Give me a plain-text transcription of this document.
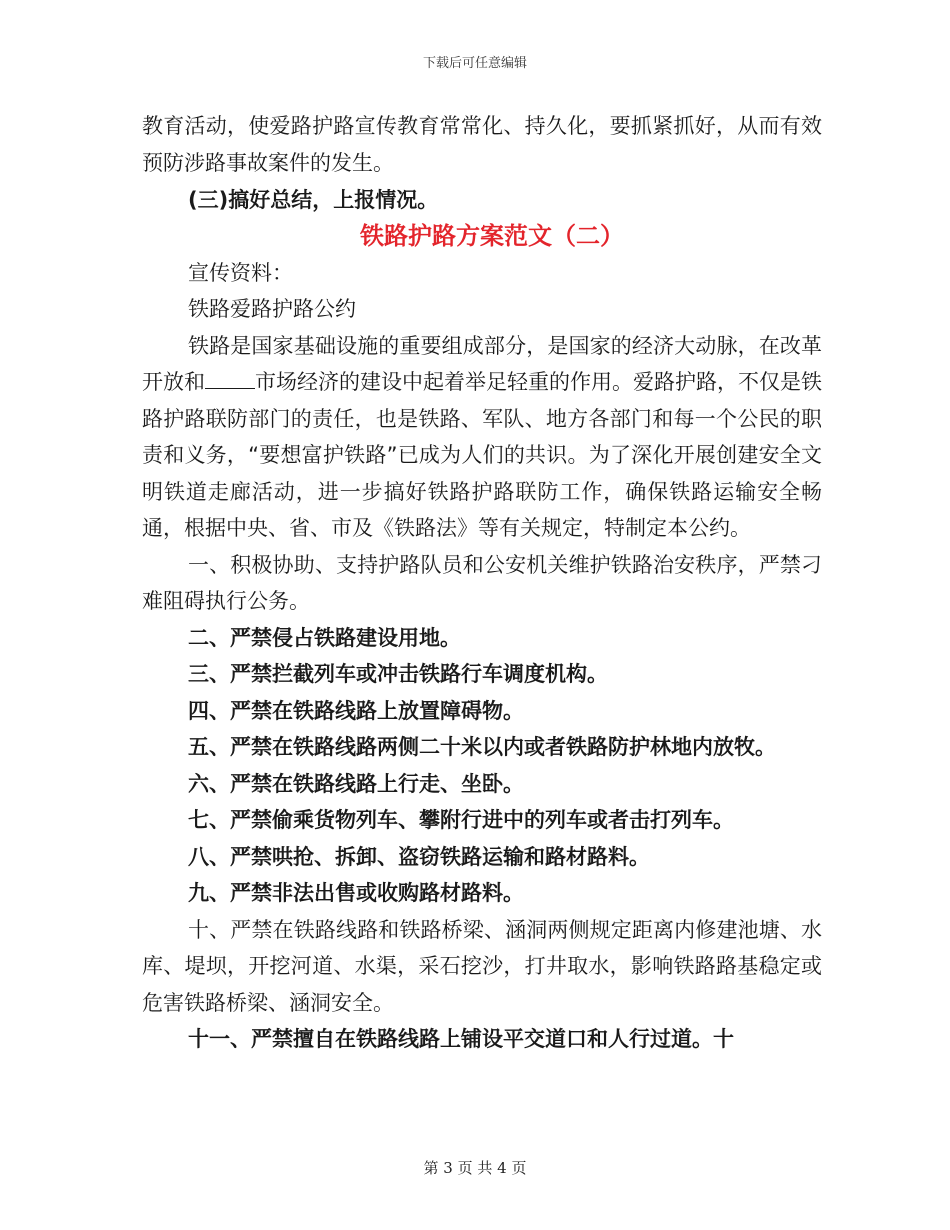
下载后可任意编辑

教育活动，使爱路护路宣传教育常常化、持久化，要抓紧抓好，从而有效预防涉路事故案件的发生。

(三)搞好总结，上报情况。

铁路护路方案范文（二）

宣传资料：

铁路爱路护路公约

铁路是国家基础设施的重要组成部分，是国家的经济大动脉，在改革开放和 市场经济的建设中起着举足轻重的作用。爱路护路，不仅是铁路护路联防部门的责任，也是铁路、军队、地方各部门和每一个公民的职责和义务，“要想富护铁路”已成为人们的共识。为了深化开展创建安全文明铁道走廊活动，进一步搞好铁路护路联防工作，确保铁路运输安全畅通，根据中央、省、市及《铁路法》等有关规定，特制定本公约。

一、积极协助、支持护路队员和公安机关维护铁路治安秩序，严禁刁难阻碍执行公务。

二、严禁侵占铁路建设用地。

三、严禁拦截列车或冲击铁路行车调度机构。

四、严禁在铁路线路上放置障碍物。

五、严禁在铁路线路两侧二十米以内或者铁路防护林地内放牧。

六、严禁在铁路线路上行走、坐卧。

七、严禁偷乘货物列车、攀附行进中的列车或者击打列车。

八、严禁哄抢、拆卸、盗窃铁路运输和路材路料。

九、严禁非法出售或收购路材路料。

十、严禁在铁路线路和铁路桥梁、涵洞两侧规定距离内修建池塘、水库、堤坝，开挖河道、水渠，采石挖沙，打井取水，影响铁路路基稳定或危害铁路桥梁、涵洞安全。

十一、严禁擅自在铁路线路上铺设平交道口和人行过道。十

第 3 页 共 4 页
